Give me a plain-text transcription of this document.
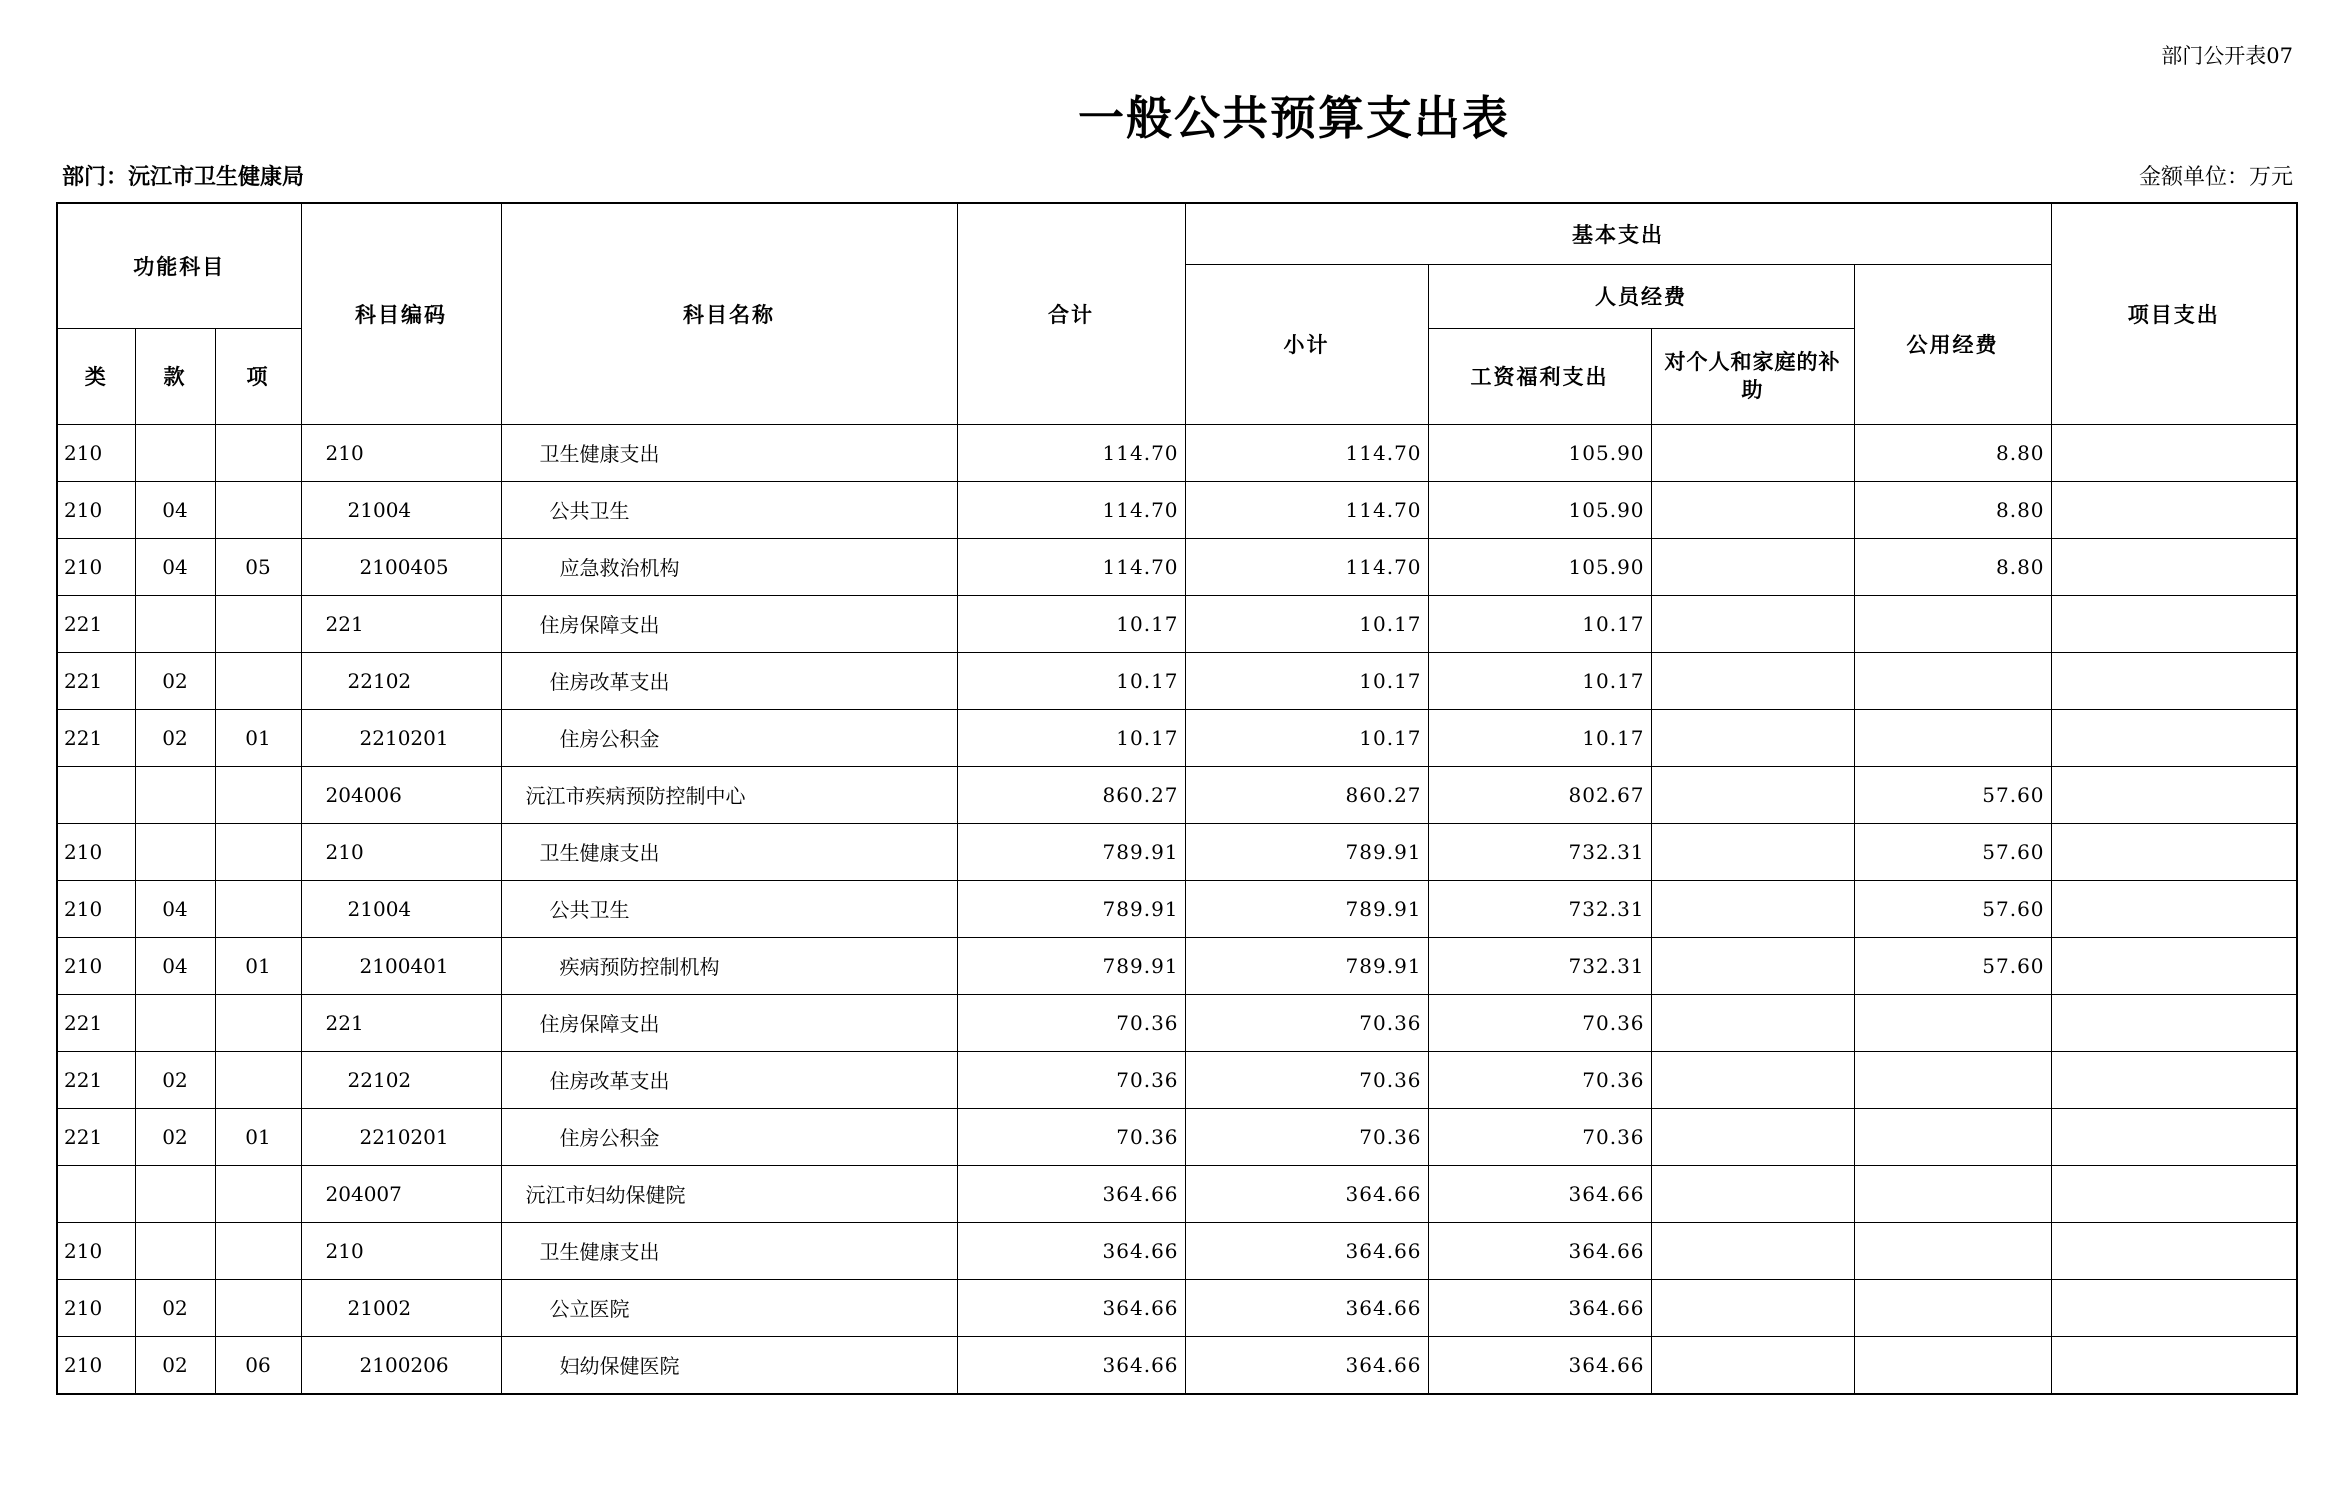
部门公开表07
一般公共预算支出表
部门：沅江市卫生健康局	金额单位：万元
功能科目			科目编码	科目名称	合计	基本支出				项目支出
						小计	人员经费		公用经费	
类	款	项					工资福利支出	对个人和家庭的补助		
210			210	卫生健康支出	114.70	114.70	105.90		8.80	
210	04		21004	公共卫生	114.70	114.70	105.90		8.80	
210	04	05	2100405	应急救治机构	114.70	114.70	105.90		8.80	
221			221	住房保障支出	10.17	10.17	10.17			
221	02		22102	住房改革支出	10.17	10.17	10.17			
221	02	01	2210201	住房公积金	10.17	10.17	10.17			
			204006	沅江市疾病预防控制中心	860.27	860.27	802.67		57.60	
210			210	卫生健康支出	789.91	789.91	732.31		57.60	
210	04		21004	公共卫生	789.91	789.91	732.31		57.60	
210	04	01	2100401	疾病预防控制机构	789.91	789.91	732.31		57.60	
221			221	住房保障支出	70.36	70.36	70.36			
221	02		22102	住房改革支出	70.36	70.36	70.36			
221	02	01	2210201	住房公积金	70.36	70.36	70.36			
			204007	沅江市妇幼保健院	364.66	364.66	364.66			
210			210	卫生健康支出	364.66	364.66	364.66			
210	02		21002	公立医院	364.66	364.66	364.66			
210	02	06	2100206	妇幼保健医院	364.66	364.66	364.66			
